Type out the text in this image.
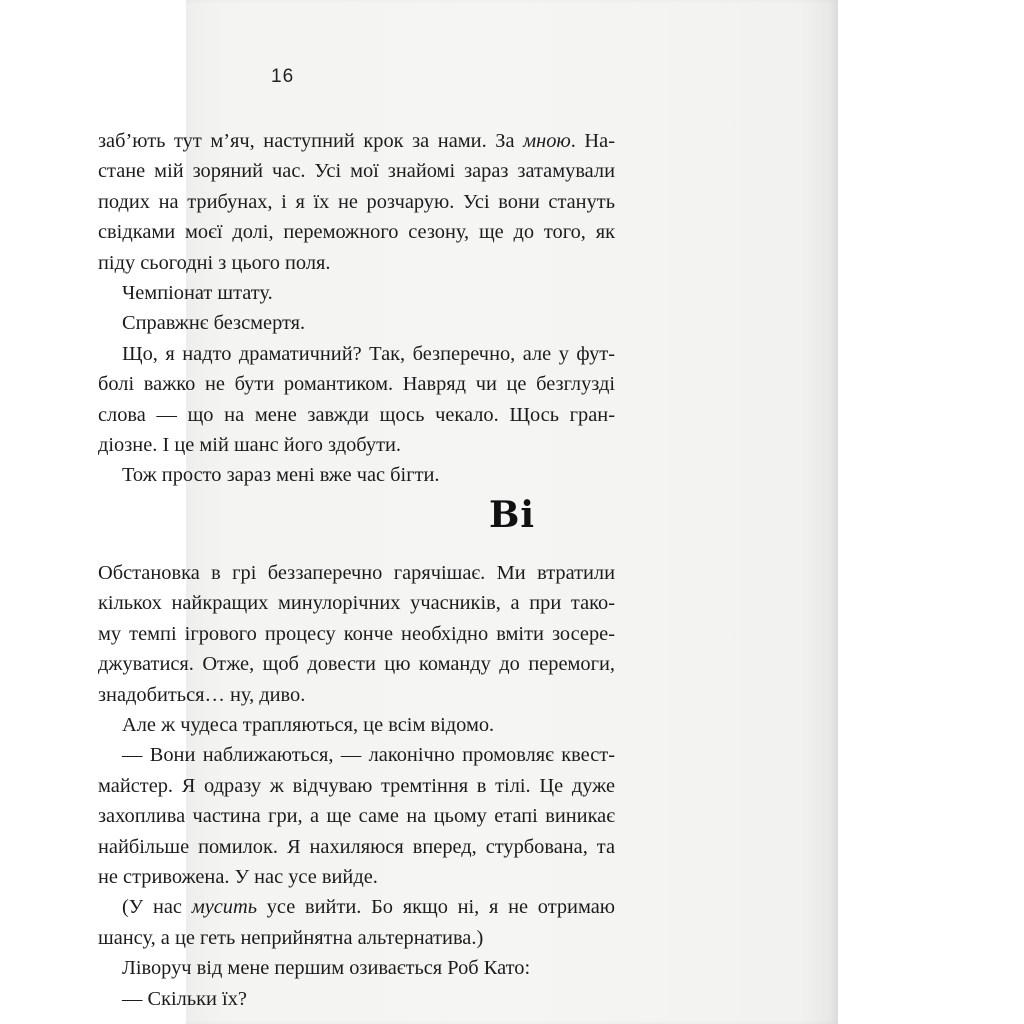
16
заб’ють тут м’яч, наступний крок за нами. За мною. На-
стане мій зоряний час. Усі мої знайомі зараз затамували
подих на трибунах, і я їх не розчарую. Усі вони стануть
свідками моєї долі, переможного сезону, ще до того, як
піду сьогодні з цього поля.
Чемпіонат штату.
Справжнє безсмертя.
Що, я надто драматичний? Так, безперечно, але у фут-
болі важко не бути романтиком. Навряд чи це безглузді
слова — що на мене завжди щось чекало. Щось гран-
діозне. І це мій шанс його здобути.
Тож просто зараз мені вже час бігти.
Ві
Обстановка в грі беззаперечно гарячішає. Ми втратили
кількох найкращих минулорічних учасників, а при тако-
му темпі ігрового процесу конче необхідно вміти зосере-
джуватися. Отже, щоб довести цю команду до перемоги,
знадобиться… ну, диво.
Але ж чудеса трапляються, це всім відомо.
— Вони наближаються, — лаконічно промовляє квест-
майстер. Я одразу ж відчуваю тремтіння в тілі. Це дуже
захоплива частина гри, а ще саме на цьому етапі виникає
найбільше помилок. Я нахиляюся вперед, стурбована, та
не стривожена. У нас усе вийде.
(У нас мусить усе вийти. Бо якщо ні, я не отримаю
шансу, а це геть неприйнятна альтернатива.)
Ліворуч від мене першим озивається Роб Като:
— Скільки їх?
